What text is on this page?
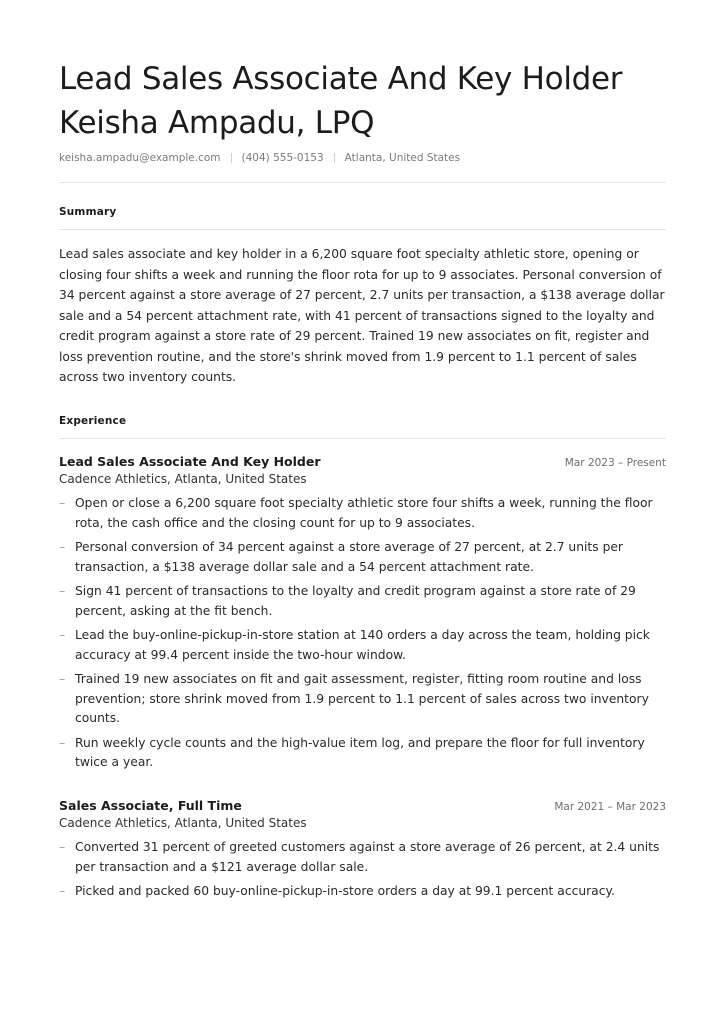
Lead Sales Associate And Key Holder Keisha Ampadu, LPQ
keisha.ampadu@example.com (404) 555-0153 Atlanta, United States
Summary

Lead sales associate and key holder in a 6,200 square foot specialty athletic store, opening or closing four shifts a week and running the floor rota for up to 9 associates. Personal conversion of 34 percent against a store average of 27 percent, 2.7 units per transaction, a $138 average dollar sale and a 54 percent attachment rate, with 41 percent of transactions signed to the loyalty and credit program against a store rate of 29 percent. Trained 19 new associates on fit, register and loss prevention routine, and the store's shrink moved from 1.9 percent to 1.1 percent of sales across two inventory counts.

Experience
Lead Sales Associate And Key Holder	Mar 2023 – Present
Cadence Athletics, Atlanta, United States
– Open or close a 6,200 square foot specialty athletic store four shifts a week, running the floor rota, the cash office and the closing count for up to 9 associates.
– Personal conversion of 34 percent against a store average of 27 percent, at 2.7 units per transaction, a $138 average dollar sale and a 54 percent attachment rate.
– Sign 41 percent of transactions to the loyalty and credit program against a store rate of 29 percent, asking at the fit bench.
– Lead the buy-online-pickup-in-store station at 140 orders a day across the team, holding pick accuracy at 99.4 percent inside the two-hour window.
– Trained 19 new associates on fit and gait assessment, register, fitting room routine and loss prevention; store shrink moved from 1.9 percent to 1.1 percent of sales across two inventory counts.
– Run weekly cycle counts and the high-value item log, and prepare the floor for full inventory twice a year.
Sales Associate, Full Time	Mar 2021 – Mar 2023
Cadence Athletics, Atlanta, United States
– Converted 31 percent of greeted customers against a store average of 26 percent, at 2.4 units per transaction and a $121 average dollar sale.
– Picked and packed 60 buy-online-pickup-in-store orders a day at 99.1 percent accuracy.
